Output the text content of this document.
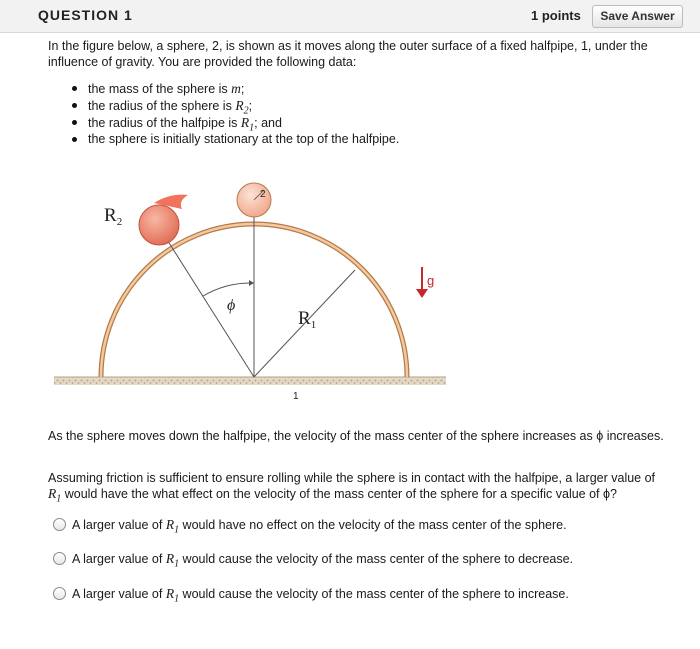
QUESTION 1	1 points	Save Answer
In the figure below, a sphere, 2, is shown as it moves along the outer surface of a fixed halfpipe, 1, under the influence of gravity. You are provided the following data:
the mass of the sphere is m;
the radius of the sphere is $R_2$;
the radius of the halfpipe is $R_1$; and
the sphere is initially stationary at the top of the halfpipe.
$R_2$
$R_1$
ϕ
2
1
g
As the sphere moves down the halfpipe, the velocity of the mass center of the sphere increases as ϕ increases.
Assuming friction is sufficient to ensure rolling while the sphere is in contact with the halfpipe, a larger value of
$R_1$ would have the what effect on the velocity of the mass center of the sphere for a specific value of ϕ?
A larger value of $R_1$ would have no effect on the velocity of the mass center of the sphere.
A larger value of $R_1$ would cause the velocity of the mass center of the sphere to decrease.
A larger value of $R_1$ would cause the velocity of the mass center of the sphere to increase.
